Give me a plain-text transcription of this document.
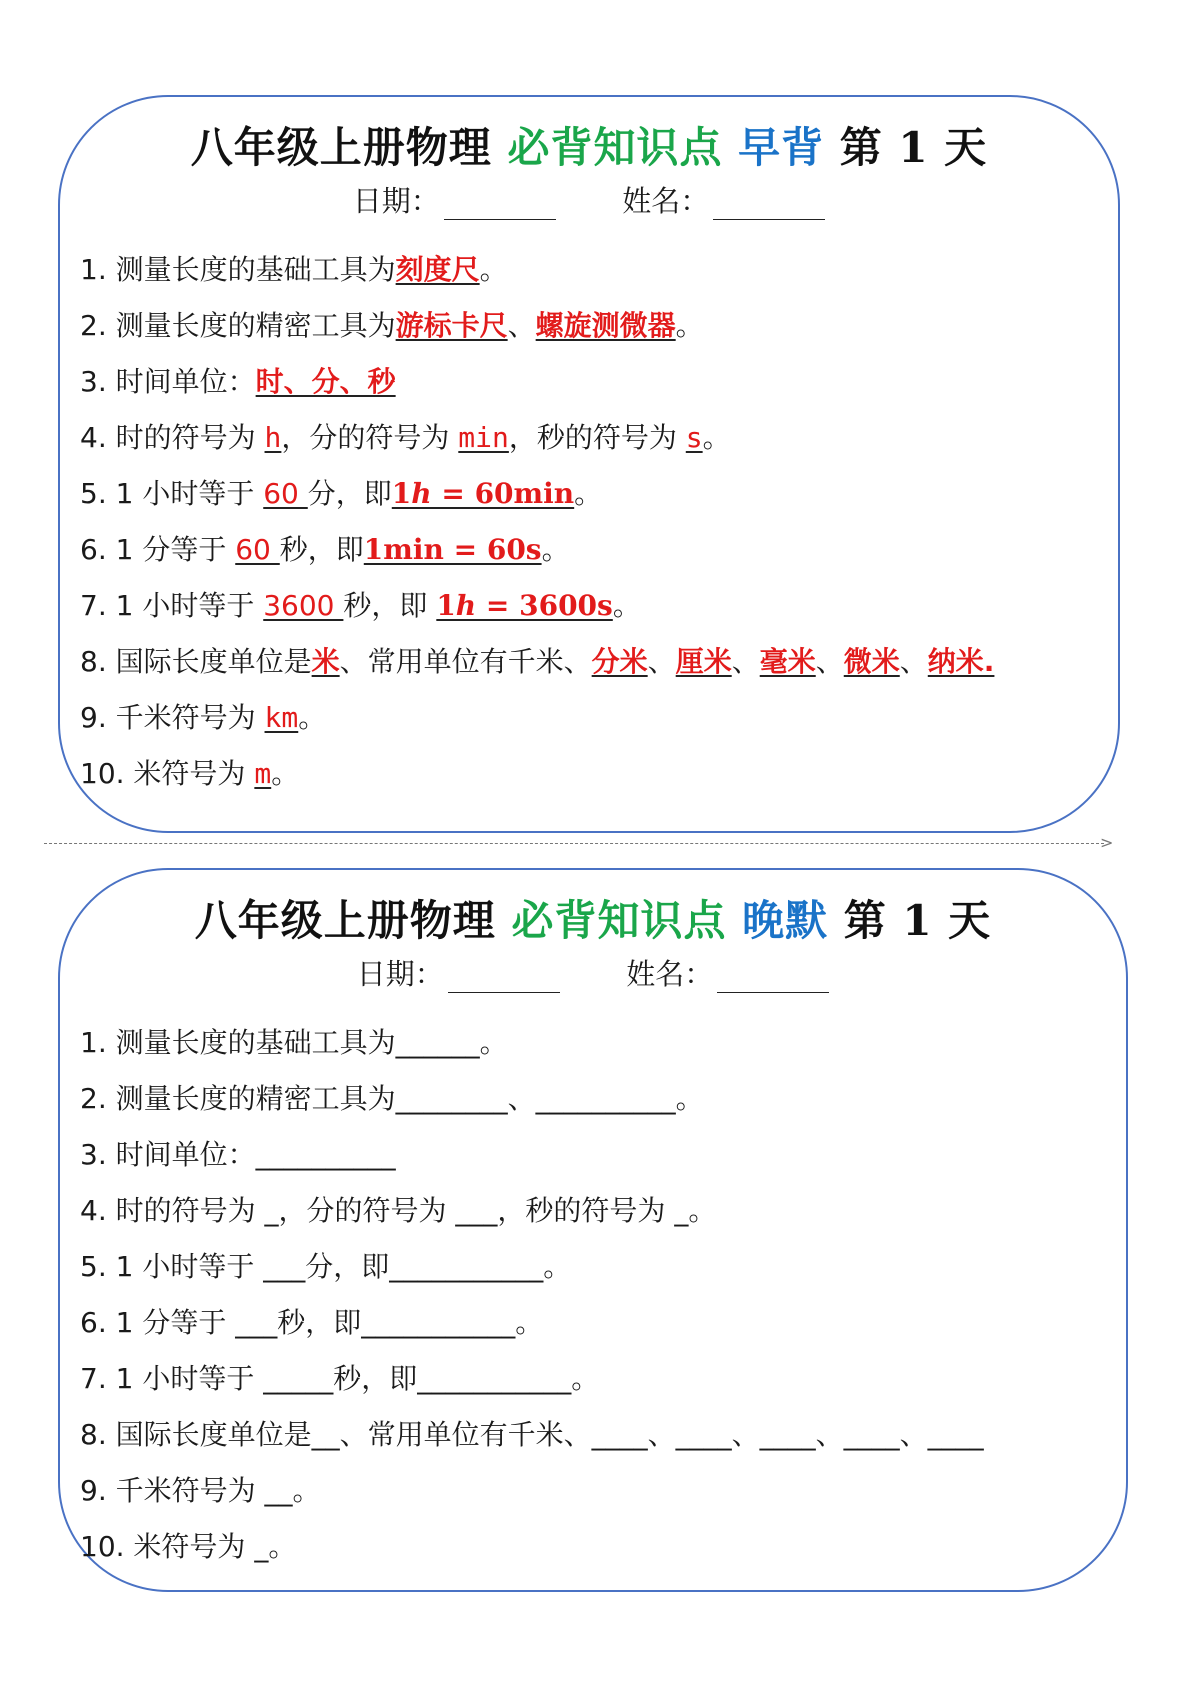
八年级上册物理 必背知识点 早背 第 1 天
日期：	姓名：
1. 测量长度的基础工具为刻度尺。
2. 测量长度的精密工具为游标卡尺、螺旋测微器。
3. 时间单位：时、分、秒
4. 时的符号为 h，分的符号为 min，秒的符号为 s。
5. 1 小时等于 60 分，即1ℎ = 60min。
6. 1 分等于 60 秒，即1min = 60s。
7. 1 小时等于 3600 秒，即 1ℎ = 3600s。
8. 国际长度单位是米、常用单位有千米、分米、厘米、毫米、微米、纳米.
9. 千米符号为 km。
10. 米符号为 m。
>
八年级上册物理 必背知识点 晚默 第 1 天
日期：	姓名：
1. 测量长度的基础工具为______。
2. 测量长度的精密工具为________、__________。
3. 时间单位：__________
4. 时的符号为 _，分的符号为 ___，秒的符号为 _。
5. 1 小时等于 ___分，即___________。
6. 1 分等于 ___秒，即___________。
7. 1 小时等于 _____秒，即___________。
8. 国际长度单位是__、常用单位有千米、____、____、____、____、____
9. 千米符号为 __。
10. 米符号为 _。
